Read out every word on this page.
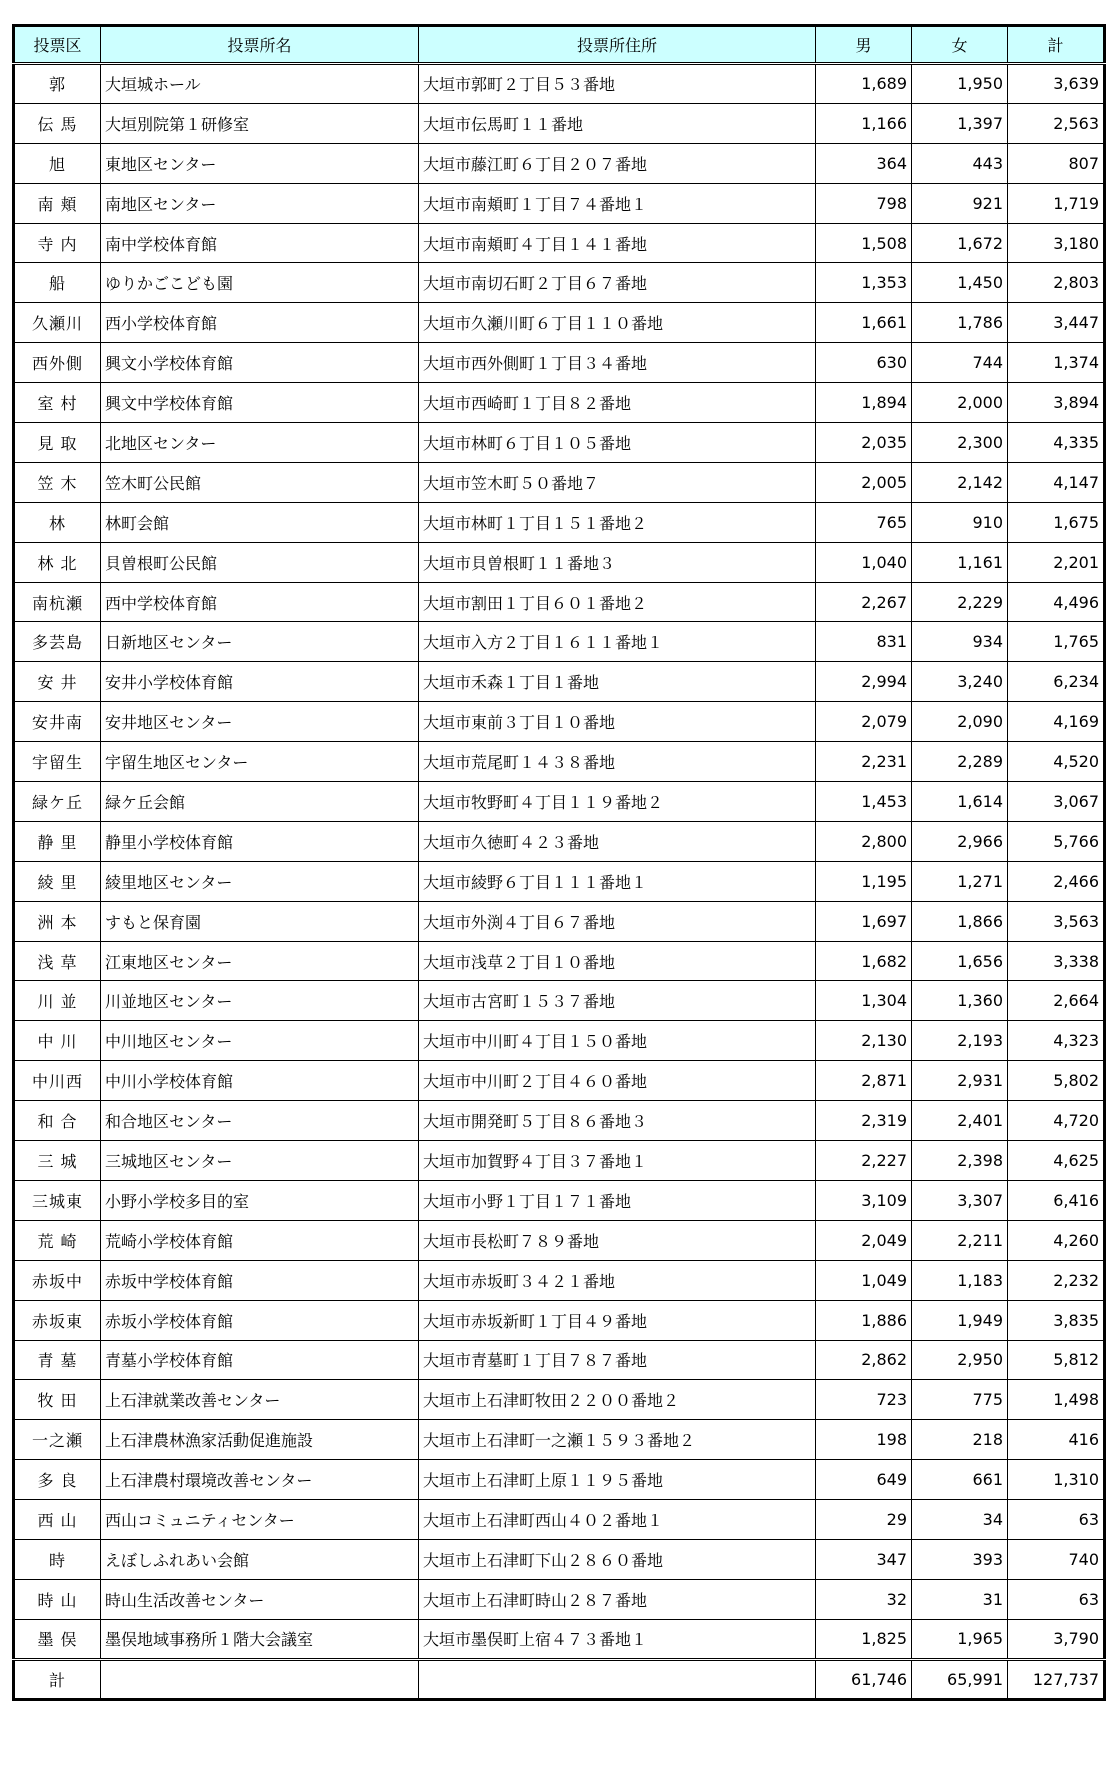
投票区	投票所名	投票所住所	男	女	計
郭	大垣城ホール	大垣市郭町２丁目５３番地	1,689	1,950	3,639
伝 馬	大垣別院第１研修室	大垣市伝馬町１１番地	1,166	1,397	2,563
旭	東地区センター	大垣市藤江町６丁目２０７番地	364	443	807
南 頬	南地区センター	大垣市南頬町１丁目７４番地１	798	921	1,719
寺 内	南中学校体育館	大垣市南頬町４丁目１４１番地	1,508	1,672	3,180
船	ゆりかごこども園	大垣市南切石町２丁目６７番地	1,353	1,450	2,803
久瀬川	西小学校体育館	大垣市久瀬川町６丁目１１０番地	1,661	1,786	3,447
西外側	興文小学校体育館	大垣市西外側町１丁目３４番地	630	744	1,374
室 村	興文中学校体育館	大垣市西崎町１丁目８２番地	1,894	2,000	3,894
見 取	北地区センター	大垣市林町６丁目１０５番地	2,035	2,300	4,335
笠 木	笠木町公民館	大垣市笠木町５０番地７	2,005	2,142	4,147
林	林町会館	大垣市林町１丁目１５１番地２	765	910	1,675
林 北	貝曽根町公民館	大垣市貝曽根町１１番地３	1,040	1,161	2,201
南杭瀬	西中学校体育館	大垣市割田１丁目６０１番地２	2,267	2,229	4,496
多芸島	日新地区センター	大垣市入方２丁目１６１１番地１	831	934	1,765
安 井	安井小学校体育館	大垣市禾森１丁目１番地	2,994	3,240	6,234
安井南	安井地区センター	大垣市東前３丁目１０番地	2,079	2,090	4,169
宇留生	宇留生地区センター	大垣市荒尾町１４３８番地	2,231	2,289	4,520
緑ケ丘	緑ケ丘会館	大垣市牧野町４丁目１１９番地２	1,453	1,614	3,067
静 里	静里小学校体育館	大垣市久徳町４２３番地	2,800	2,966	5,766
綾 里	綾里地区センター	大垣市綾野６丁目１１１番地１	1,195	1,271	2,466
洲 本	すもと保育園	大垣市外渕４丁目６７番地	1,697	1,866	3,563
浅 草	江東地区センター	大垣市浅草２丁目１０番地	1,682	1,656	3,338
川 並	川並地区センター	大垣市古宮町１５３７番地	1,304	1,360	2,664
中 川	中川地区センター	大垣市中川町４丁目１５０番地	2,130	2,193	4,323
中川西	中川小学校体育館	大垣市中川町２丁目４６０番地	2,871	2,931	5,802
和 合	和合地区センター	大垣市開発町５丁目８６番地３	2,319	2,401	4,720
三 城	三城地区センター	大垣市加賀野４丁目３７番地１	2,227	2,398	4,625
三城東	小野小学校多目的室	大垣市小野１丁目１７１番地	3,109	3,307	6,416
荒 崎	荒崎小学校体育館	大垣市長松町７８９番地	2,049	2,211	4,260
赤坂中	赤坂中学校体育館	大垣市赤坂町３４２１番地	1,049	1,183	2,232
赤坂東	赤坂小学校体育館	大垣市赤坂新町１丁目４９番地	1,886	1,949	3,835
青 墓	青墓小学校体育館	大垣市青墓町１丁目７８７番地	2,862	2,950	5,812
牧 田	上石津就業改善センター	大垣市上石津町牧田２２００番地２	723	775	1,498
一之瀬	上石津農林漁家活動促進施設	大垣市上石津町一之瀬１５９３番地２	198	218	416
多 良	上石津農村環境改善センター	大垣市上石津町上原１１９５番地	649	661	1,310
西 山	西山コミュニティセンター	大垣市上石津町西山４０２番地１	29	34	63
時	えぼしふれあい会館	大垣市上石津町下山２８６０番地	347	393	740
時 山	時山生活改善センター	大垣市上石津町時山２８７番地	32	31	63
墨 俣	墨俣地域事務所１階大会議室	大垣市墨俣町上宿４７３番地１	1,825	1,965	3,790
計			61,746	65,991	127,737
